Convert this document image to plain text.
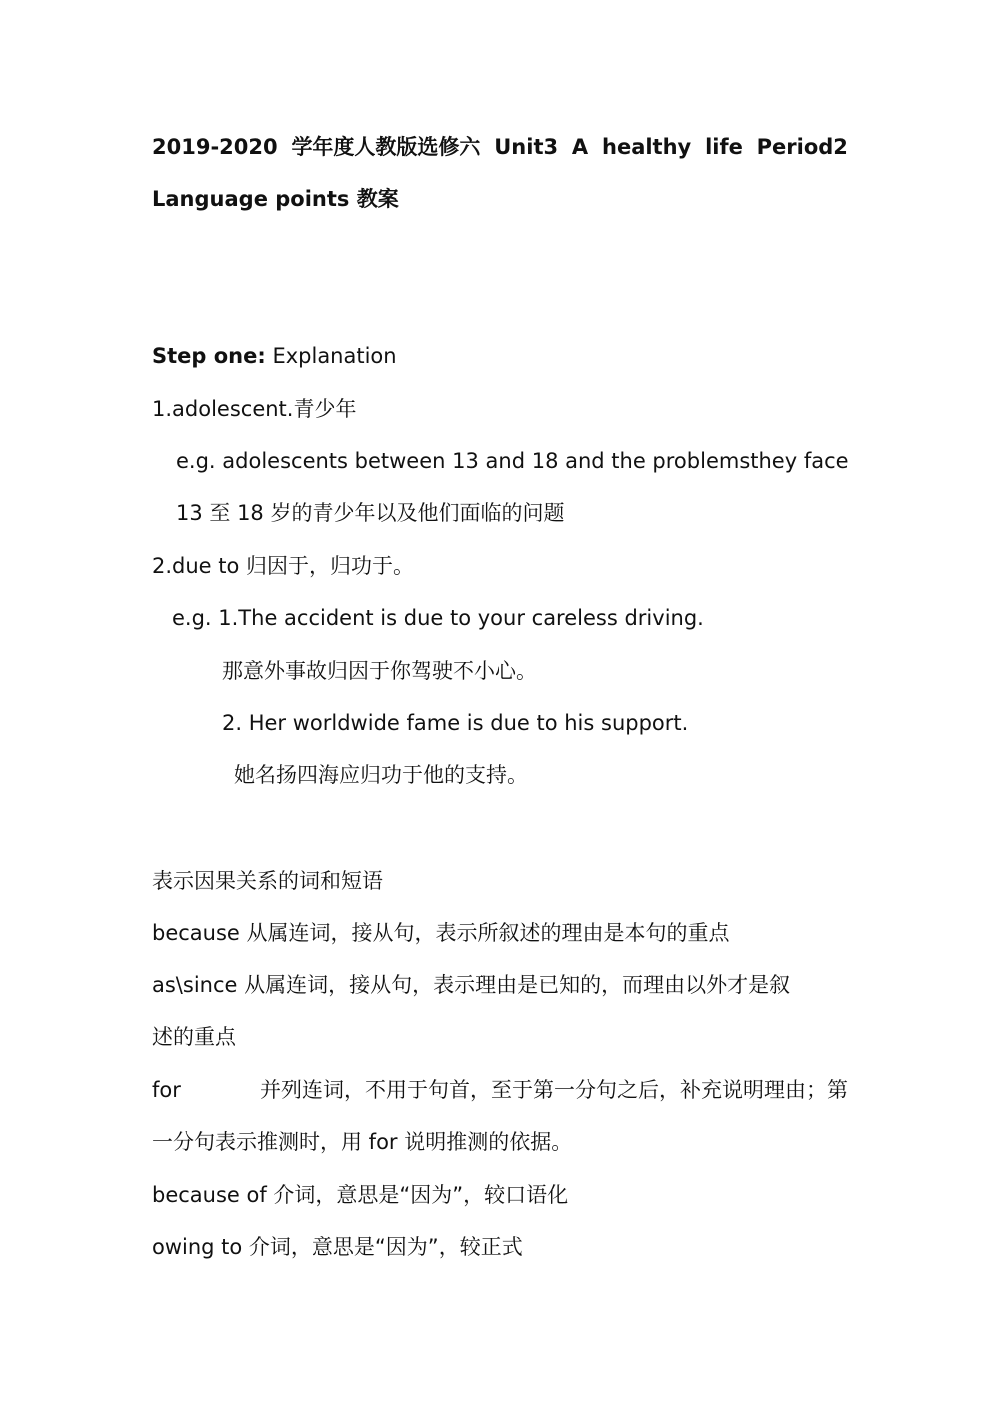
2019-2020 学年度人教版选修六 Unit3 A healthy life Period2
Language points 教案
Step one: Explanation
1.adolescent.青少年
e.g. adolescents between 13 and 18 and the problems they face
13 至 18 岁的青少年以及他们面临的问题
2.due to 归因于，归功于。
e.g. 1.The accident is due to your careless driving.
那意外事故归因于你驾驶不小心。
2. Her worldwide fame is due to his support.
她名扬四海应归功于他的支持。
表示因果关系的词和短语
because 从属连词，接从句，表示所叙述的理由是本句的重点
as\since 从属连词，接从句，表示理由是已知的，而理由以外才是叙
述的重点
for	并列连词，不用于句首，至于第一分句之后，补充说明理由；第
一分句表示推测时，用 for 说明推测的依据。
because of 介词，意思是“因为”，较口语化
owing to 介词，意思是“因为”，较正式
